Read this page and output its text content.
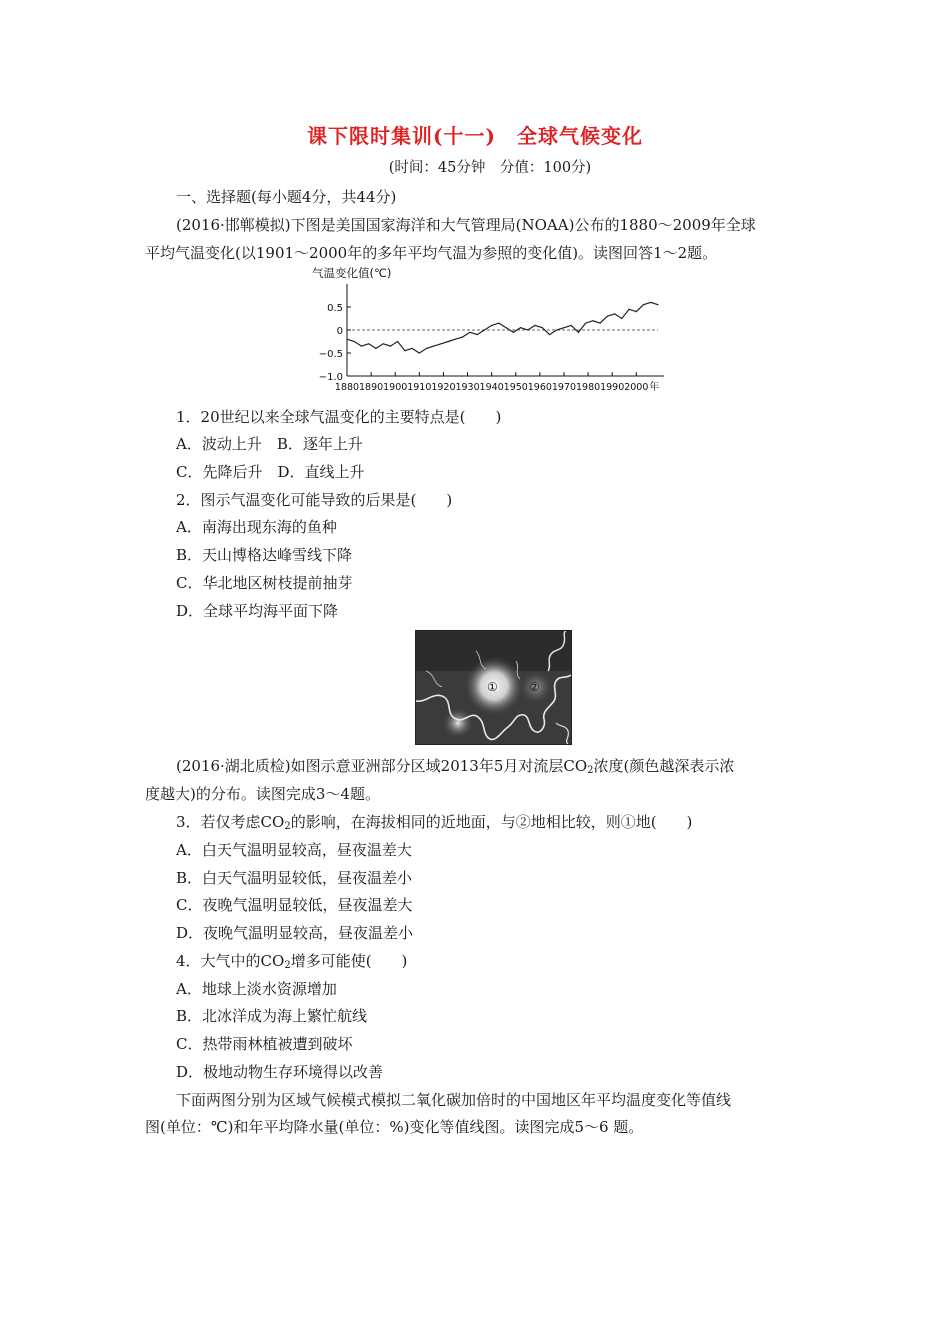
课下限时集训(十一)　全球气候变化
(时间：45分钟　分值：100分)
一、选择题(每小题4分，共44分)
(2016·邯郸模拟)下图是美国国家海洋和大气管理局(NOAA)公布的1880～2009年全球
平均气温变化(以1901～2000年的多年平均气温为参照的变化值)。读图回答1～2题。
气温变化值(℃)
0.5
0
−0.5
−1.0
1880 1890 1900 1910 1920 1930 1940 1950 1960 1970 1980 1990 2000 年
1．20世纪以来全球气温变化的主要特点是(　　)
A．波动上升　B．逐年上升
C．先降后升　D．直线上升
2．图示气温变化可能导致的后果是(　　)
A．南海出现东海的鱼种
B．天山博格达峰雪线下降
C．华北地区树枝提前抽芽
D．全球平均海平面下降
①	②
(2016·湖北质检)如图示意亚洲部分区域2013年5月对流层$CO_2$浓度(颜色越深表示浓
度越大)的分布。读图完成3～4题。
3．若仅考虑$CO_2$的影响，在海拔相同的近地面，与②地相比较，则①地(　　)
A．白天气温明显较高，昼夜温差大
B．白天气温明显较低，昼夜温差小
C．夜晚气温明显较低，昼夜温差大
D．夜晚气温明显较高，昼夜温差小
4．大气中的$CO_2$增多可能使(　　)
A．地球上淡水资源增加
B．北冰洋成为海上繁忙航线
C．热带雨林植被遭到破坏
D．极地动物生存环境得以改善
下面两图分别为区域气候模式模拟二氧化碳加倍时的中国地区年平均温度变化等值线
图(单位：℃)和年平均降水量(单位：%)变化等值线图。读图完成5～6 题。
